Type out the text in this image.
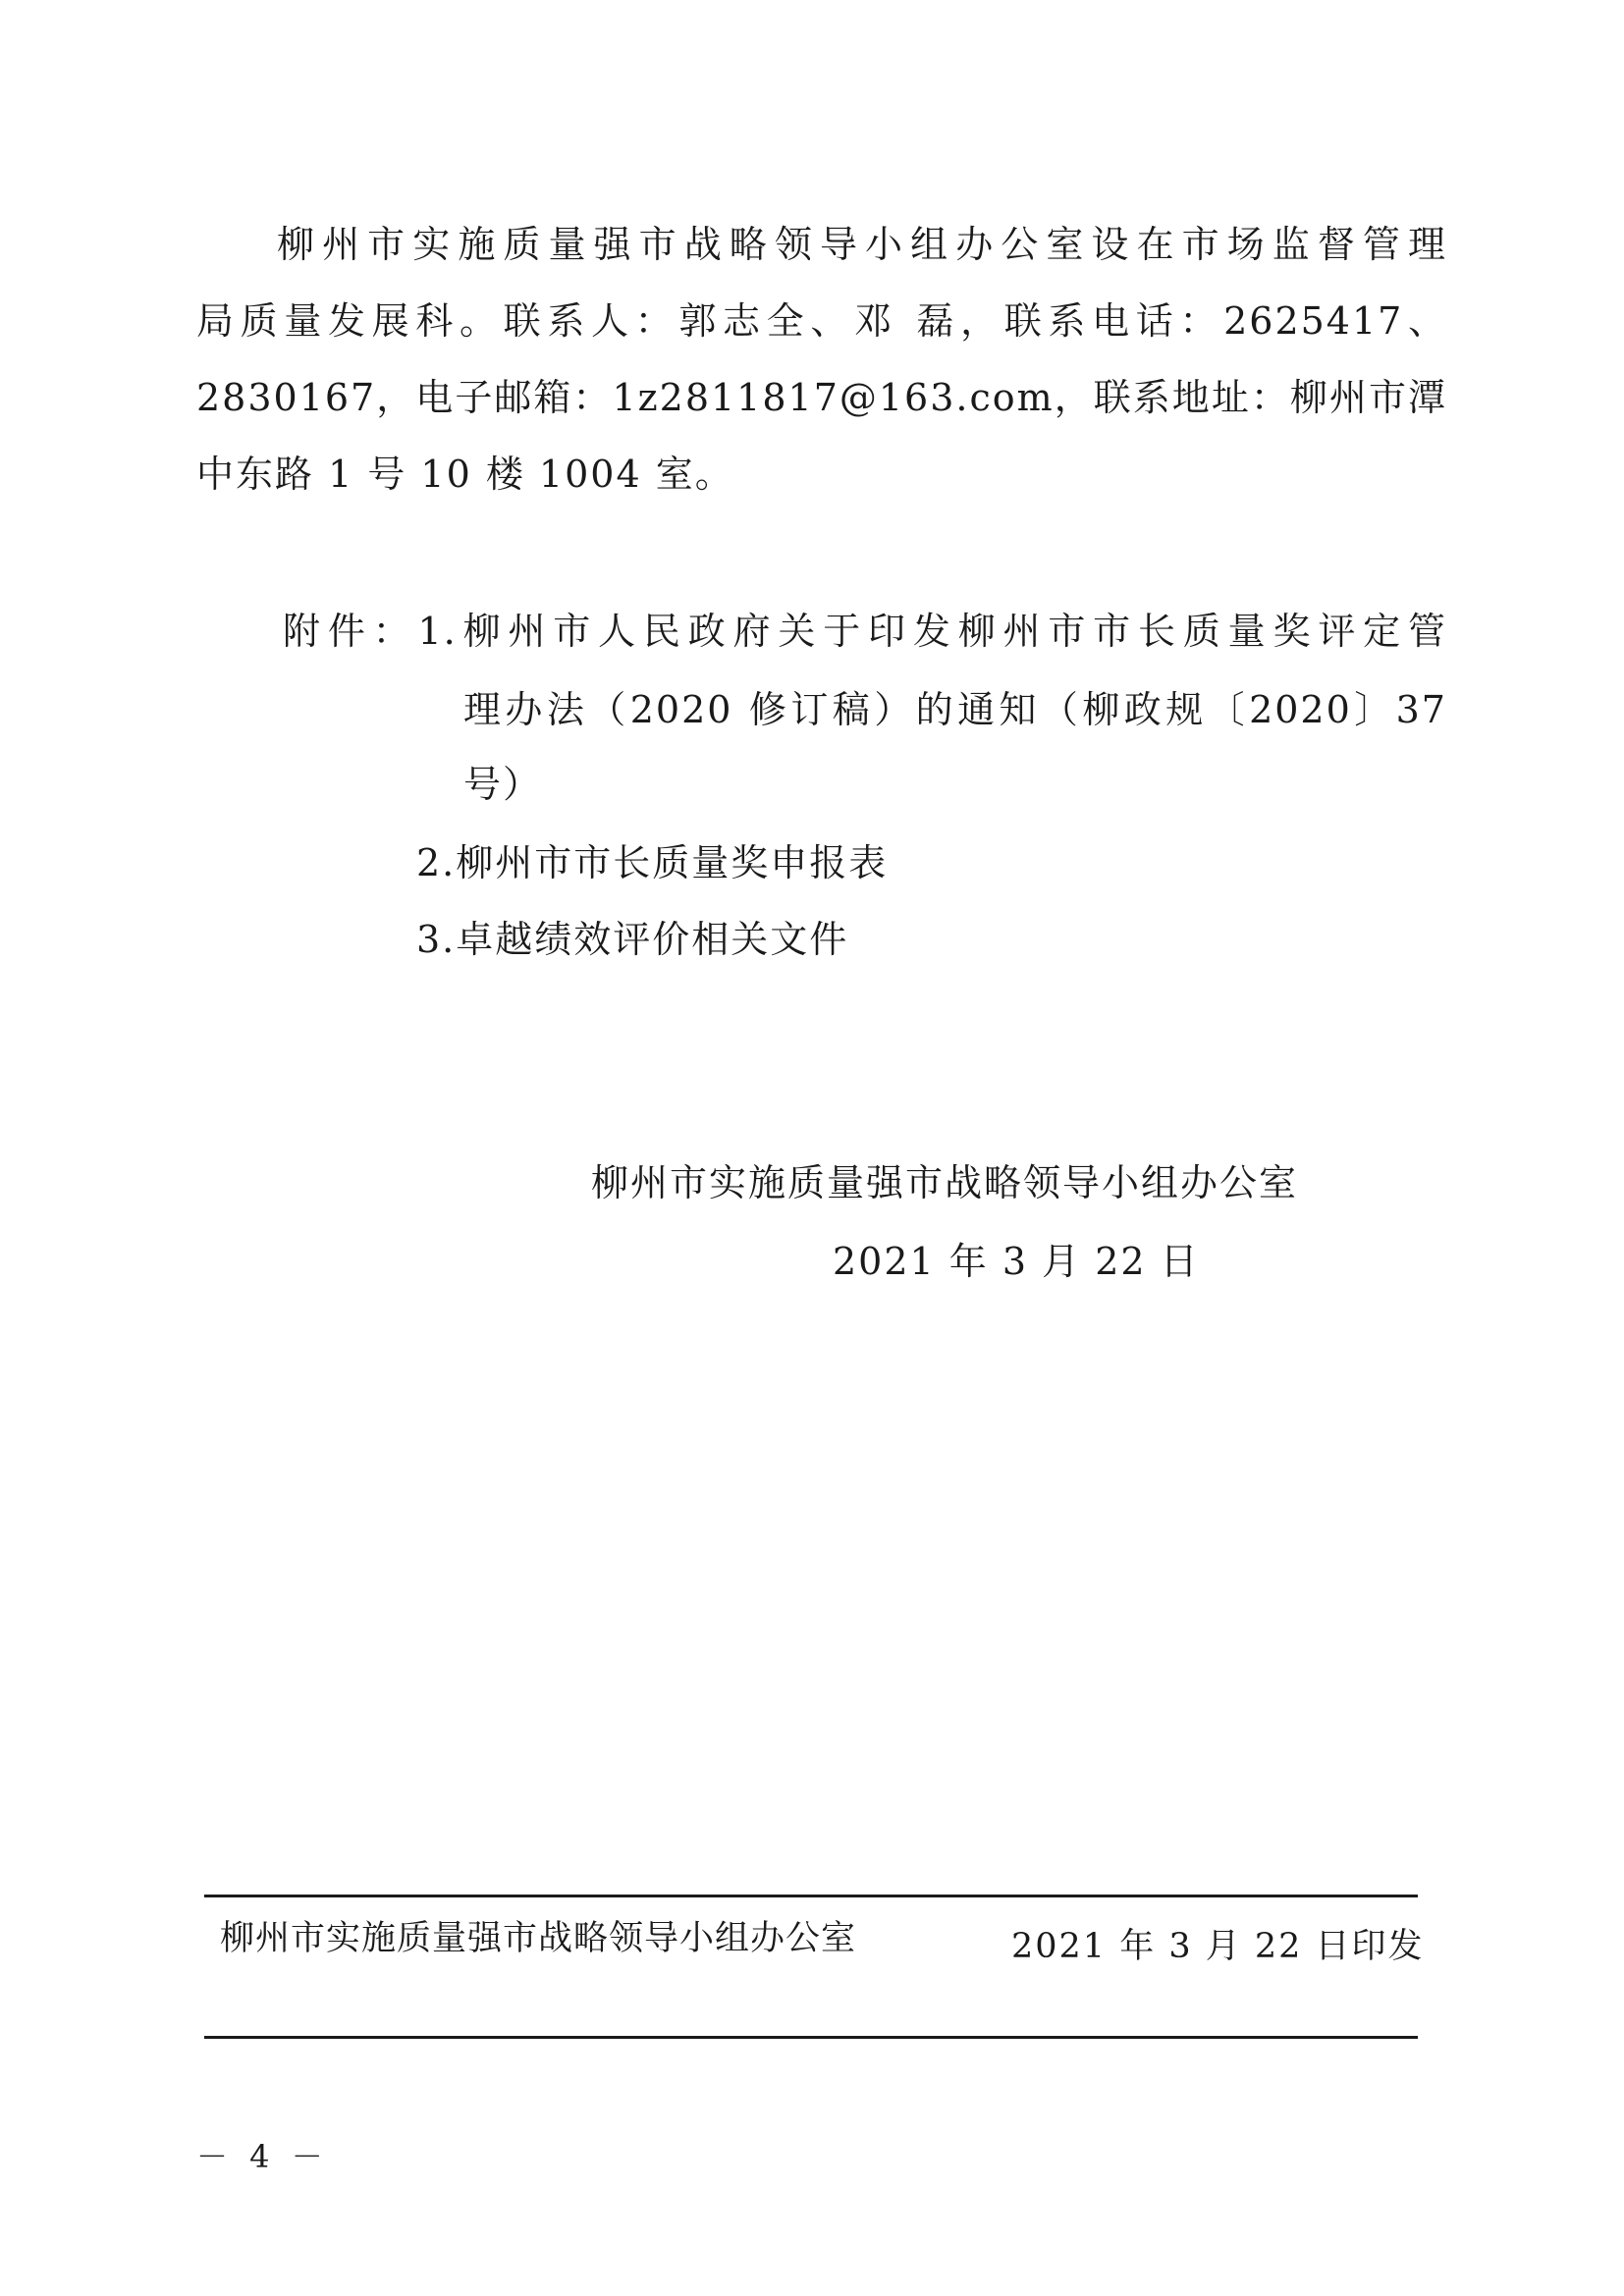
柳州市实施质量强市战略领导小组办公室设在市场监督管理
局质量发展科。联系人：郭志全、邓 磊，联系电话：2625417、
2830167，电子邮箱：1z2811817@163.com，联系地址：柳州市潭
中东路 1 号 10 楼 1004 室。
附件：1.柳州市人民政府关于印发柳州市市长质量奖评定管
理办法（2020 修订稿）的通知（柳政规〔2020〕37
号）
2.柳州市市长质量奖申报表
3.卓越绩效评价相关文件
柳州市实施质量强市战略领导小组办公室
2021 年 3 月 22 日
柳州市实施质量强市战略领导小组办公室	2021 年 3 月 22 日印发
－ 4 －
